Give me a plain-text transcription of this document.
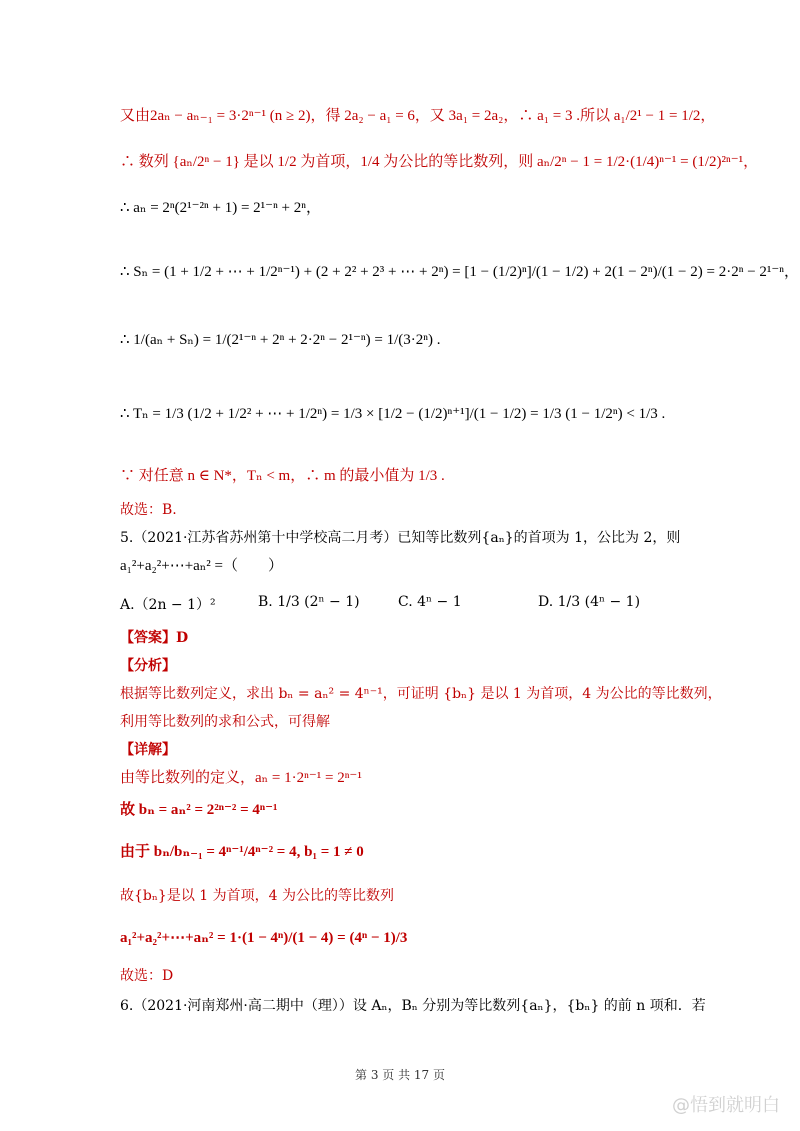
又由2aₙ − aₙ₋₁ = 3·2ⁿ⁻¹ (n ≥ 2)，得 2a₂ − a₁ = 6，又 3a₁ = 2a₂，∴ a₁ = 3 .所以 a₁/2¹ − 1 = 1/2，
∴ 数列 {aₙ/2ⁿ − 1} 是以 1/2 为首项，1/4 为公比的等比数列，则 aₙ/2ⁿ − 1 = 1/2·(1/4)ⁿ⁻¹ = (1/2)²ⁿ⁻¹，
∴ aₙ = 2ⁿ(2¹⁻²ⁿ + 1) = 2¹⁻ⁿ + 2ⁿ，
∴ Sₙ = (1 + 1/2 + ⋯ + 1/2ⁿ⁻¹) + (2 + 2² + 2³ + ⋯ + 2ⁿ) = [1 − (1/2)ⁿ]/(1 − 1/2) + 2(1 − 2ⁿ)/(1 − 2) = 2·2ⁿ − 2¹⁻ⁿ，
∴ 1/(aₙ + Sₙ) = 1/(2¹⁻ⁿ + 2ⁿ + 2·2ⁿ − 2¹⁻ⁿ) = 1/(3·2ⁿ) .
∴ Tₙ = 1/3 (1/2 + 1/2² + ⋯ + 1/2ⁿ) = 1/3 × [1/2 − (1/2)ⁿ⁺¹]/(1 − 1/2) = 1/3 (1 − 1/2ⁿ) < 1/3 .
∵ 对任意 n ∈ N*，Tₙ < m，∴ m 的最小值为 1/3 .
故选：B.
5.（2021·江苏省苏州第十中学校高二月考）已知等比数列{aₙ}的首项为 1，公比为 2，则
a₁²+a₂²+⋯+aₙ² =（　　）
A.（2n − 1）²	B. 1/3 (2ⁿ − 1)	C. 4ⁿ − 1	D. 1/3 (4ⁿ − 1)
【答案】D
【分析】
根据等比数列定义，求出 bₙ = aₙ² = 4ⁿ⁻¹，可证明 {bₙ} 是以 1 为首项，4 为公比的等比数列，
利用等比数列的求和公式，可得解
【详解】
由等比数列的定义，aₙ = 1·2ⁿ⁻¹ = 2ⁿ⁻¹
故 bₙ = aₙ² = 2²ⁿ⁻² = 4ⁿ⁻¹
由于 bₙ/bₙ₋₁ = 4ⁿ⁻¹/4ⁿ⁻² = 4, b₁ = 1 ≠ 0
故{bₙ}是以 1 为首项，4 为公比的等比数列
a₁²+a₂²+⋯+aₙ² = 1·(1 − 4ⁿ)/(1 − 4) = (4ⁿ − 1)/3
故选：D
6.（2021·河南郑州·高二期中（理））设 Aₙ，Bₙ 分别为等比数列{aₙ}，{bₙ} 的前 n 项和．若
第 3 页 共 17 页
@悟到就明白
